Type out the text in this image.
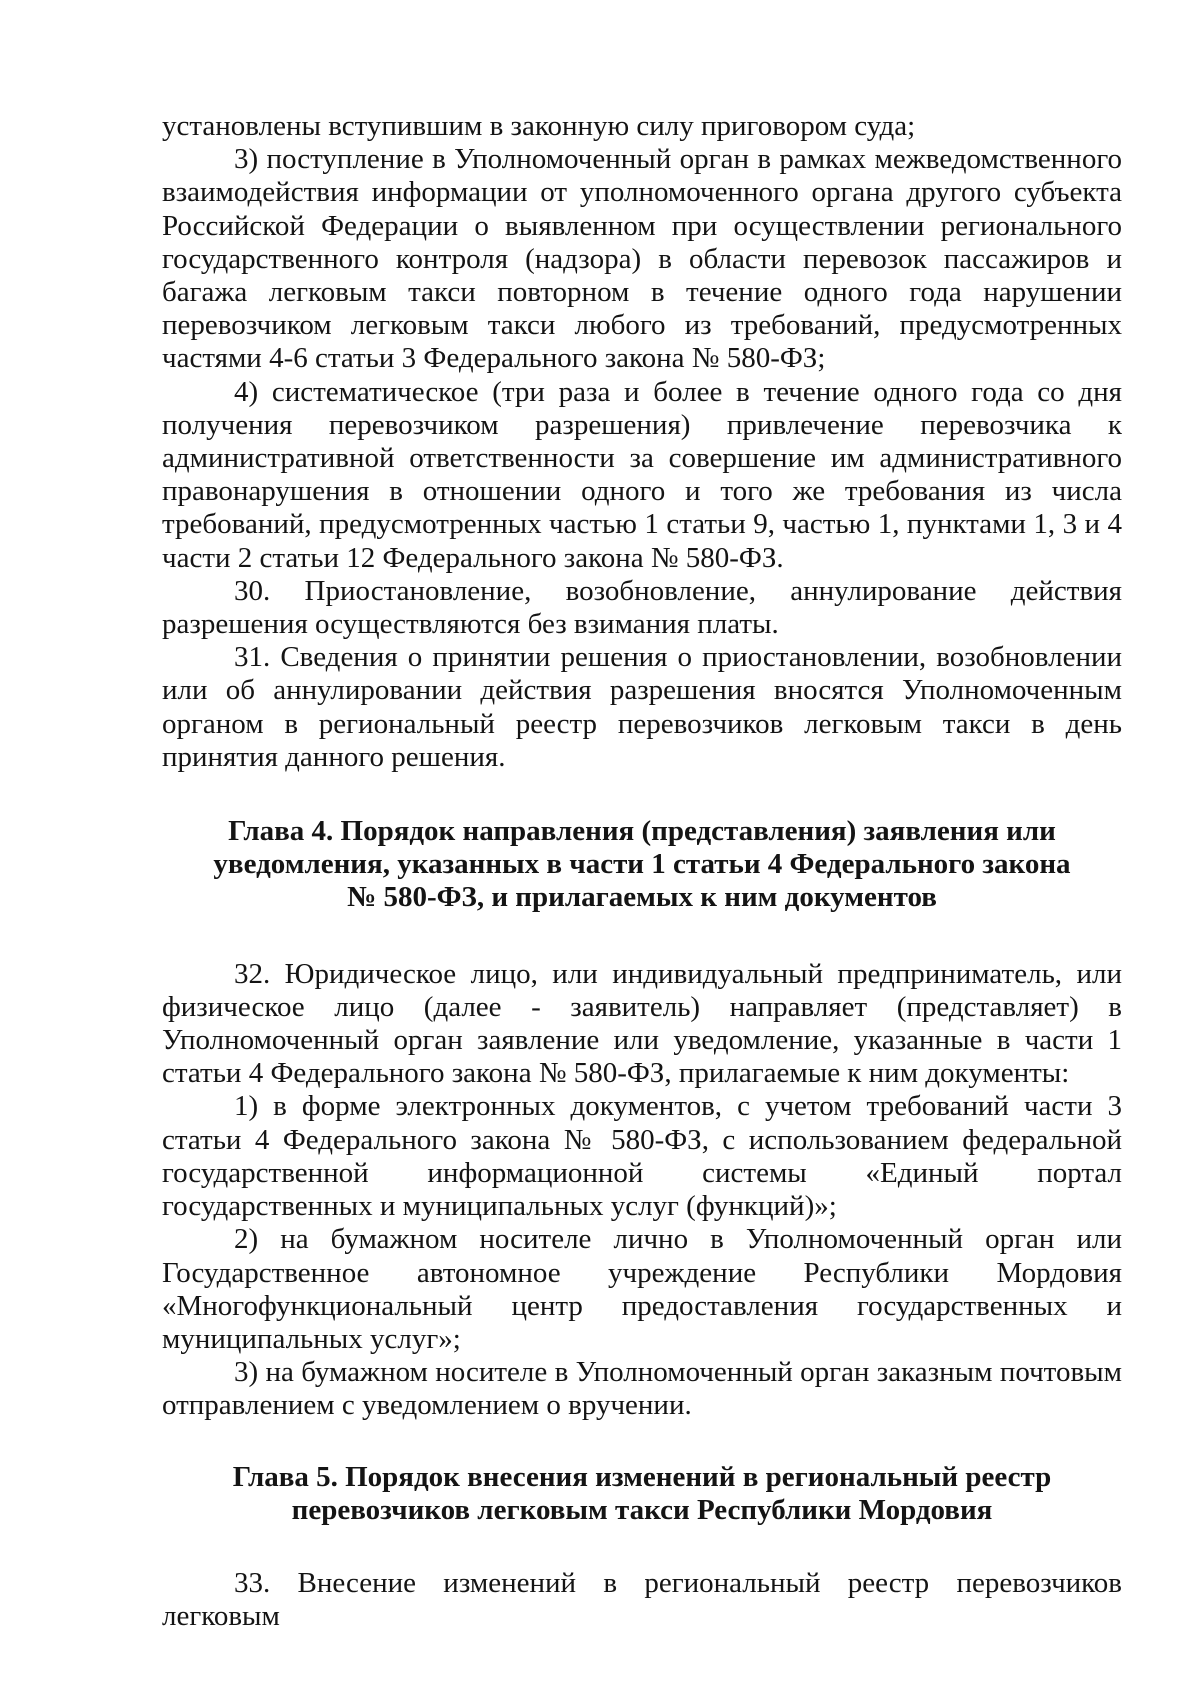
установлены вступившим в законную силу приговором суда;

3) поступление в Уполномоченный орган в рамках межведомственного взаимодействия информации от уполномоченного органа другого субъекта Российской Федерации о выявленном при осуществлении регионального государственного контроля (надзора) в области перевозок пассажиров и багажа легковым такси повторном в течение одного года нарушении перевозчиком легковым такси любого из требований, предусмотренных частями 4-6 статьи 3 Федерального закона № 580-ФЗ;

4) систематическое (три раза и более в течение одного года со дня получения перевозчиком разрешения) привлечение перевозчика к административной ответственности за совершение им административного правонарушения в отношении одного и того же требования из числа требований, предусмотренных частью 1 статьи 9, частью 1, пунктами 1, 3 и 4 части 2 статьи 12 Федерального закона № 580-ФЗ.

30. Приостановление, возобновление, аннулирование действия разрешения осуществляются без взимания платы.

31. Сведения о принятии решения о приостановлении, возобновлении или об аннулировании действия разрешения вносятся Уполномоченным органом в региональный реестр перевозчиков легковым такси в день принятия данного решения.

Глава 4. Порядок направления (представления) заявления или
уведомления, указанных в части 1 статьи 4 Федерального закона
№ 580-ФЗ, и прилагаемых к ним документов

32. Юридическое лицо, или индивидуальный предприниматель, или физическое лицо (далее - заявитель) направляет (представляет) в Уполномоченный орган заявление или уведомление, указанные в части 1 статьи 4 Федерального закона № 580-ФЗ, прилагаемые к ним документы:

1) в форме электронных документов, с учетом требований части 3 статьи 4 Федерального закона № 580-ФЗ, с использованием федеральной государственной информационной системы «Единый портал государственных и муниципальных услуг (функций)»;

2) на бумажном носителе лично в Уполномоченный орган или Государственное автономное учреждение Республики Мордовия «Многофункциональный центр предоставления государственных и муниципальных услуг»;

3) на бумажном носителе в Уполномоченный орган заказным почтовым отправлением с уведомлением о вручении.

Глава 5. Порядок внесения изменений в региональный реестр
перевозчиков легковым такси Республики Мордовия

33. Внесение изменений в региональный реестр перевозчиков легковым
